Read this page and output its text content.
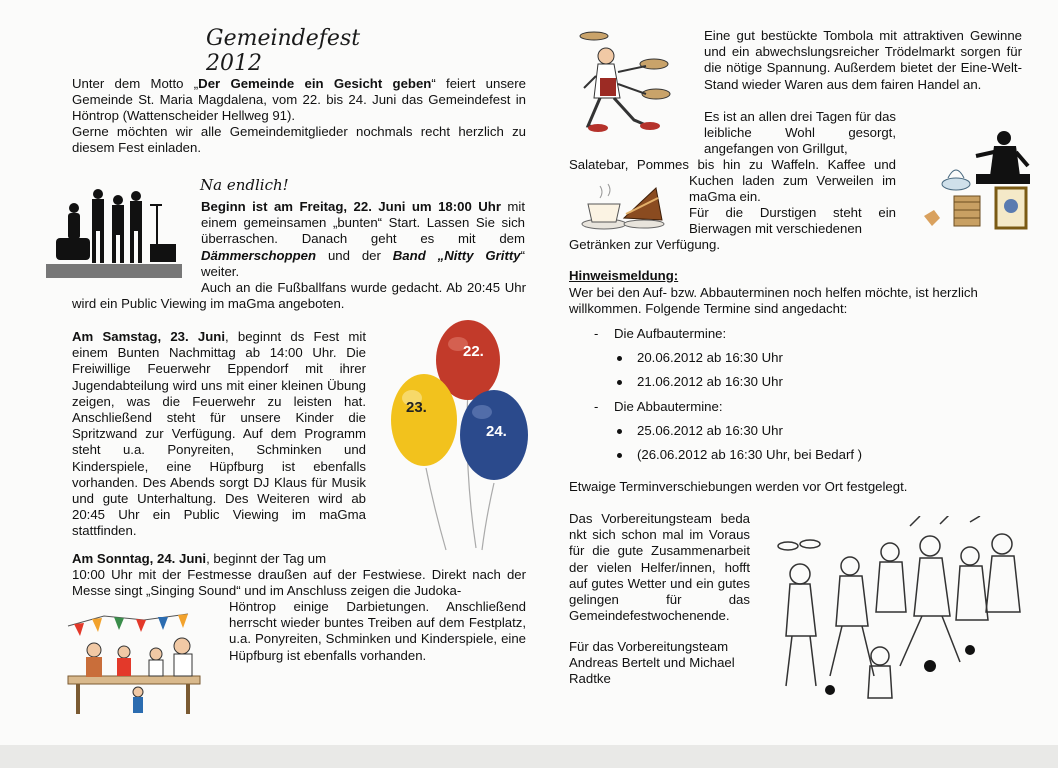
Gemeindefest 2012

Unter dem Motto „Der Gemeinde ein Gesicht geben“ feiert unsere Gemeinde St. Maria Magdalena, vom 22. bis 24. Juni das Gemeindefest in Höntrop (Wattenscheider Hellweg 91).

Gerne möchten wir alle Gemeindemitglieder nochmals recht herzlich zu diesem Fest einladen.

Na endlich!

Beginn ist am Freitag, 22. Juni um 18:00 Uhr mit einem gemeinsamen „bunten“ Start. Lassen Sie sich überraschen. Danach geht es mit dem Dämmerschoppen und der Band „Nitty Gritty“ weiter.

Auch an die Fußballfans wurde gedacht. Ab 20:45 Uhr wird ein Public Viewing im maGma angeboten.

Am Samstag, 23. Juni, beginnt ds Fest mit einem Bunten Nachmittag ab 14:00 Uhr. Die Freiwillige Feuerwehr Eppendorf mit ihrer Jugendabteilung wird uns mit einer kleinen Übung zeigen, was die Feuerwehr zu leisten hat. Anschließend steht für unsere Kinder die Spritzwand zur Verfügung. Auf dem Programm steht u.a. Ponyreiten, Schminken und Kinderspiele, eine Hüpfburg ist ebenfalls vorhanden. Des Abends sorgt DJ Klaus für Musik und gute Unterhaltung. Des Weiteren wird ab 20:45 Uhr ein Public Viewing im maGma stattfinden.

22.
23.
24.

Am Sonntag, 24. Juni, beginnt der Tag um

10:00 Uhr mit der Festmesse draußen auf der Festwiese. Direkt nach der Messe singt „Singing Sound“ und im Anschluss zeigen die Judoka-

Höntrop einige Darbietungen. Anschließend herrscht wieder buntes Treiben auf dem Festplatz, u.a. Ponyreiten, Schminken und Kinderspiele, eine Hüpfburg ist ebenfalls vorhanden.

Eine gut bestückte Tombola mit attraktiven Gewinne und ein abwechslungsreicher Trödelmarkt sorgen für die nötige Spannung. Außerdem bietet der Eine-Welt-Stand wieder Waren aus dem fairen Handel an.

Es ist an allen drei Tagen für das leibliche Wohl gesorgt, angefangen von Grillgut,

Salatebar, Pommes bis hin zu Waffeln. Kaffee und

Kuchen laden zum Verweilen im maGma ein.

Für die Durstigen steht ein Bierwagen mit verschiedenen

Getränken zur Verfügung.

Hinweismeldung:

Wer bei den Auf- bzw. Abbauterminen noch helfen möchte, ist herzlich willkommen. Folgende Termine sind angedacht:

- Die Aufbautermine:
20.06.2012 ab 16:30 Uhr
21.06.2012 ab 16:30 Uhr
- Die Abbautermine:
25.06.2012 ab 16:30 Uhr
(26.06.2012 ab 16:30 Uhr, bei Bedarf )

Etwaige Terminverschiebungen werden vor Ort festgelegt.

Das Vorbereitungsteam beda nkt sich schon mal im Voraus für die gute Zusammenarbeit der vielen Helfer/innen, hofft auf gutes Wetter und ein gutes gelingen für das Gemeindefestwochenende.

Für das Vorbereitungsteam

Andreas Bertelt und Michael Radtke
